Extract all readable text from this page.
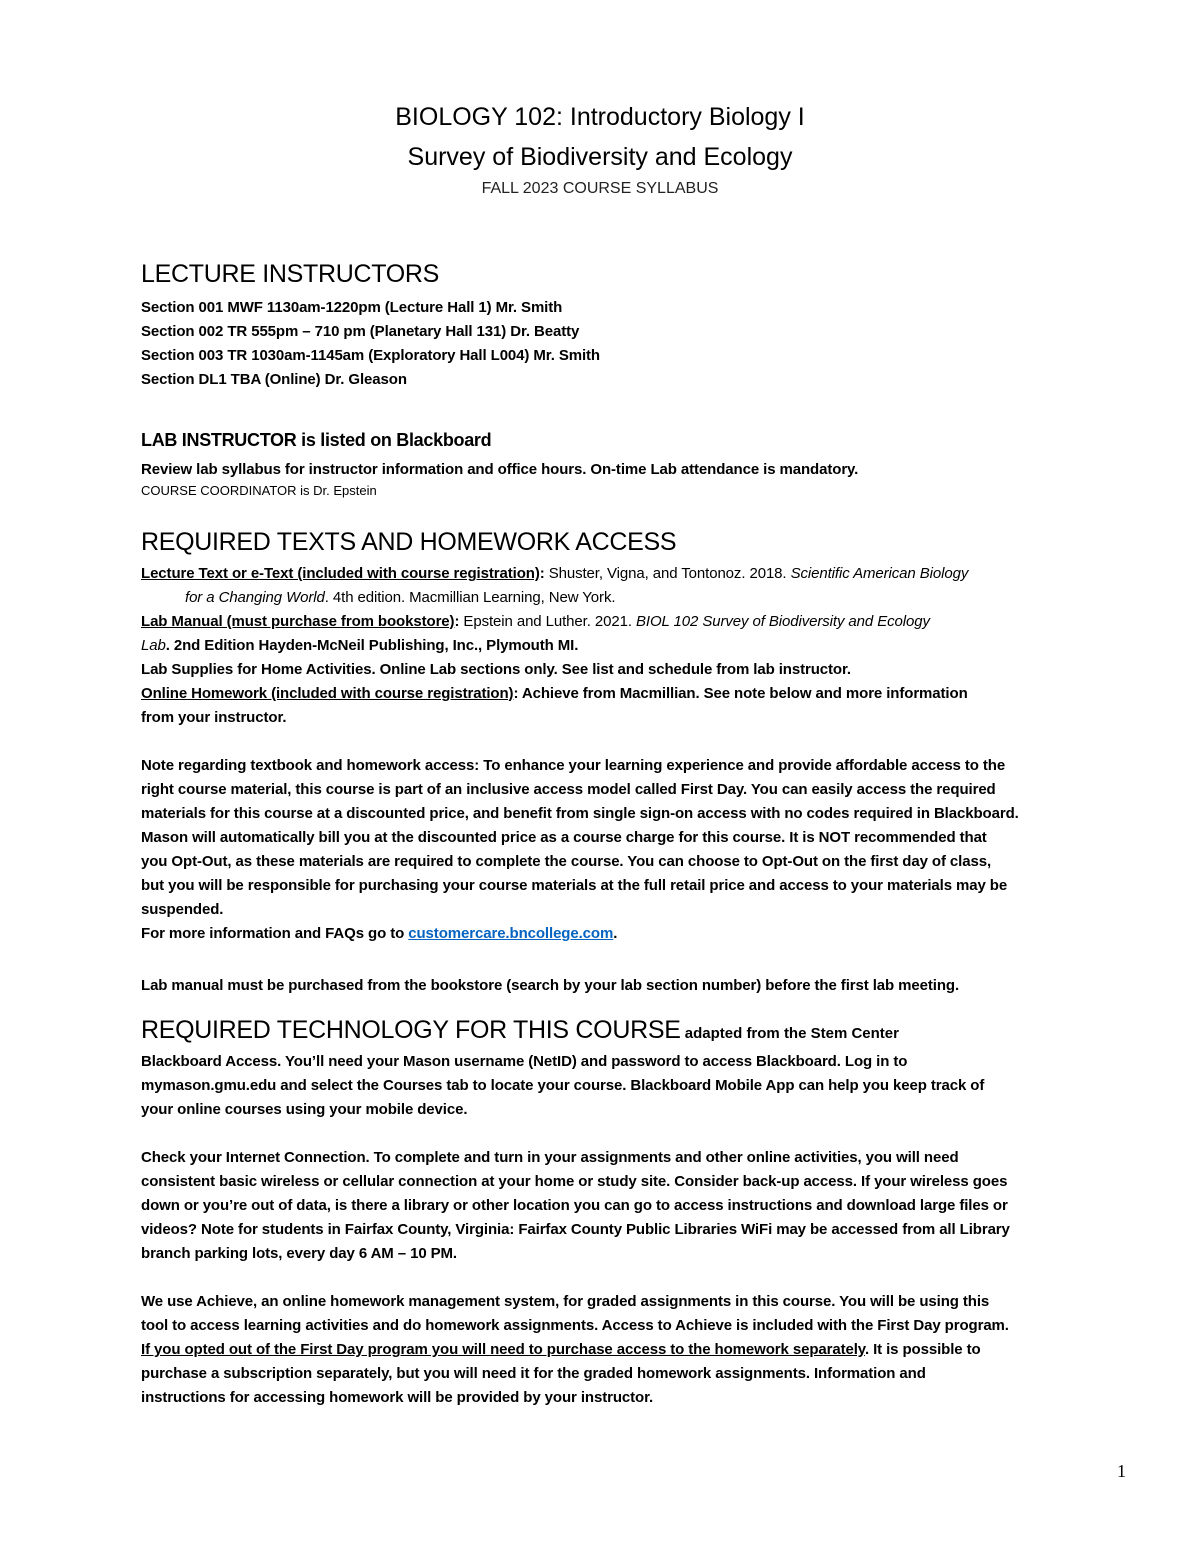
BIOLOGY 102: Introductory Biology I
Survey of Biodiversity and Ecology
FALL 2023 COURSE SYLLABUS
LECTURE INSTRUCTORS
Section 001 MWF 1130am-1220pm (Lecture Hall 1) Mr. Smith
Section 002 TR 555pm – 710 pm (Planetary Hall 131) Dr. Beatty
Section 003 TR 1030am-1145am (Exploratory Hall L004) Mr. Smith
Section DL1 TBA (Online) Dr. Gleason
LAB INSTRUCTOR is listed on Blackboard
Review lab syllabus for instructor information and office hours. On-time Lab attendance is mandatory.
COURSE COORDINATOR is Dr. Epstein
REQUIRED TEXTS AND HOMEWORK ACCESS
Lecture Text or e-Text (included with course registration): Shuster, Vigna, and Tontonoz. 2018. Scientific American Biology
for a Changing World. 4th edition. Macmillian Learning, New York.
Lab Manual (must purchase from bookstore): Epstein and Luther. 2021. BIOL 102 Survey of Biodiversity and Ecology
Lab. 2nd Edition Hayden-McNeil Publishing, Inc., Plymouth MI.
Lab Supplies for Home Activities. Online Lab sections only. See list and schedule from lab instructor.
Online Homework (included with course registration): Achieve from Macmillian. See note below and more information
from your instructor.
Note regarding textbook and homework access: To enhance your learning experience and provide affordable access to the
right course material, this course is part of an inclusive access model called First Day. You can easily access the required
materials for this course at a discounted price, and benefit from single sign-on access with no codes required in Blackboard.
Mason will automatically bill you at the discounted price as a course charge for this course. It is NOT recommended that
you Opt-Out, as these materials are required to complete the course. You can choose to Opt-Out on the first day of class,
but you will be responsible for purchasing your course materials at the full retail price and access to your materials may be
suspended.
For more information and FAQs go to customercare.bncollege.com.
Lab manual must be purchased from the bookstore (search by your lab section number) before the first lab meeting.
REQUIRED TECHNOLOGY FOR THIS COURSE adapted from the Stem Center
Blackboard Access. You’ll need your Mason username (NetID) and password to access Blackboard. Log in to
mymason.gmu.edu and select the Courses tab to locate your course. Blackboard Mobile App can help you keep track of
your online courses using your mobile device.
Check your Internet Connection. To complete and turn in your assignments and other online activities, you will need
consistent basic wireless or cellular connection at your home or study site. Consider back-up access. If your wireless goes
down or you’re out of data, is there a library or other location you can go to access instructions and download large files or
videos? Note for students in Fairfax County, Virginia: Fairfax County Public Libraries WiFi may be accessed from all Library
branch parking lots, every day 6 AM – 10 PM.
We use Achieve, an online homework management system, for graded assignments in this course. You will be using this
tool to access learning activities and do homework assignments. Access to Achieve is included with the First Day program.
If you opted out of the First Day program you will need to purchase access to the homework separately. It is possible to
purchase a subscription separately, but you will need it for the graded homework assignments. Information and
instructions for accessing homework will be provided by your instructor.
1
